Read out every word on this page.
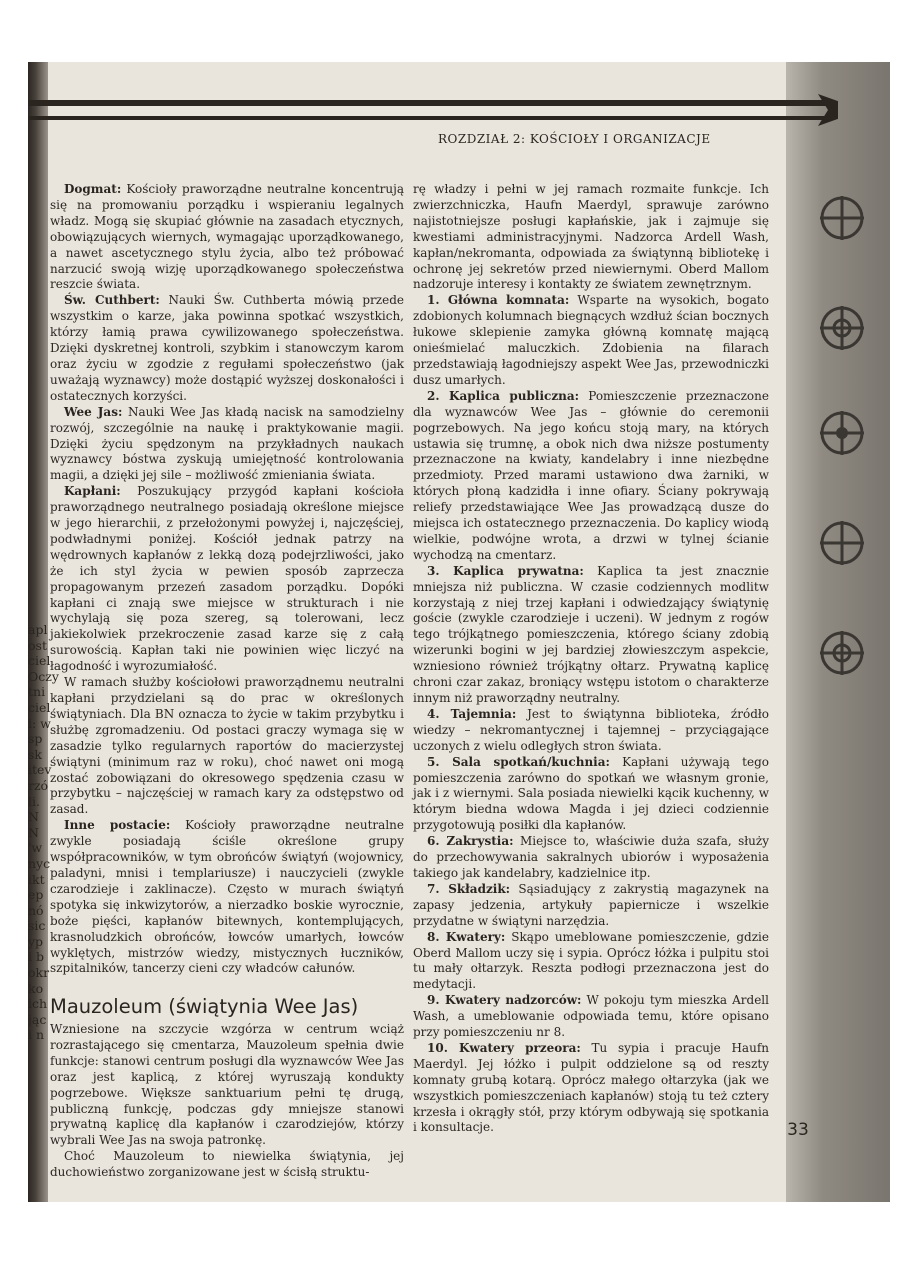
ROZDZIAŁ 2: KOŚCIOŁY I ORGANIZACJE
apl
ost
ciel
Oczy
tni
ciel
i: w
sp
sk
itev
rzó
li.
N
N
'w
nyc
ikt
ep
nó
sic
yp
i b
okr
ko
ich
jąc
i n

Dogmat: Kościoły praworządne neutralne koncentrują się na promowaniu porządku i wspieraniu legalnych władz. Mogą się skupiać głównie na zasadach etycznych, obowiązujących wiernych, wymagając uporządkowanego, a nawet ascetycznego stylu życia, albo też próbować narzucić swoją wizję uporządkowanego społeczeństwa reszcie świata.

Św. Cuthbert: Nauki Św. Cuthberta mówią przede wszystkim o karze, jaka powinna spotkać wszystkich, którzy łamią prawa cywilizowanego społeczeństwa. Dzięki dyskretnej kontroli, szybkim i stanowczym karom oraz życiu w zgodzie z regułami społeczeństwo (jak uważają wyznawcy) może dostąpić wyższej doskonałości i ostatecznych korzyści.

Wee Jas: Nauki Wee Jas kładą nacisk na samodzielny rozwój, szczególnie na naukę i praktykowanie magii. Dzięki życiu spędzonym na przykładnych naukach wyznawcy bóstwa zyskują umiejętność kontrolowania magii, a dzięki jej sile – możliwość zmieniania świata.

Kapłani: Poszukujący przygód kapłani kościoła praworządnego neutralnego posiadają określone miejsce w jego hierarchii, z przełożonymi powyżej i, najczęściej, podwładnymi poniżej. Kościół jednak patrzy na wędrownych kapłanów z lekką dozą podejrzliwości, jako że ich styl życia w pewien sposób zaprzecza propagowanym przezeń zasadom porządku. Dopóki kapłani ci znają swe miejsce w strukturach i nie wychylają się poza szereg, są tolerowani, lecz jakiekolwiek przekroczenie zasad karze się z całą surowością. Kapłan taki nie powinien więc liczyć na łagodność i wyrozumiałość.

W ramach służby kościołowi praworządnemu neutralni kapłani przydzielani są do prac w określonych świątyniach. Dla BN oznacza to życie w takim przybytku i służbę zgromadzeniu. Od postaci graczy wymaga się w zasadzie tylko regularnych raportów do macierzystej świątyni (minimum raz w roku), choć nawet oni mogą zostać zobowiązani do okresowego spędzenia czasu w przybytku – najczęściej w ramach kary za odstępstwo od zasad.

Inne postacie: Kościoły praworządne neutralne zwykle posiadają ściśle określone grupy współpracowników, w tym obrońców świątyń (wojownicy, paladyni, mnisi i templariusze) i nauczycieli (zwykle czarodzieje i zaklinacze). Często w murach świątyń spotyka się inkwizytorów, a nierzadko boskie wyrocznie, boże pięści, kapłanów bitewnych, kontemplujących, krasnoludzkich obrońców, łowców umarłych, łowców wyklętych, mistrzów wiedzy, mistycznych łuczników, szpitalników, tancerzy cieni czy władców całunów.

Mauzoleum (świątynia Wee Jas)

Wzniesione na szczycie wzgórza w centrum wciąż rozrastającego się cmentarza, Mauzoleum spełnia dwie funkcje: stanowi centrum posługi dla wyznawców Wee Jas oraz jest kaplicą, z której wyruszają kondukty pogrzebowe. Większe sanktuarium pełni tę drugą, publiczną funkcję, podczas gdy mniejsze stanowi prywatną kaplicę dla kapłanów i czarodziejów, którzy wybrali Wee Jas na swoja patronkę.

Choć Mauzoleum to niewielka świątynia, jej duchowieństwo zorganizowane jest w ścisłą struktu-

rę władzy i pełni w jej ramach rozmaite funkcje. Ich zwierzchniczka, Haufn Maerdyl, sprawuje zarówno najistotniejsze posługi kapłańskie, jak i zajmuje się kwestiami administracyjnymi. Nadzorca Ardell Wash, kapłan/nekromanta, odpowiada za świątynną bibliotekę i ochronę jej sekretów przed niewiernymi. Oberd Mallom nadzoruje interesy i kontakty ze światem zewnętrznym.

1. Główna komnata: Wsparte na wysokich, bogato zdobionych kolumnach biegnących wzdłuż ścian bocznych łukowe sklepienie zamyka główną komnatę mającą onieśmielać maluczkich. Zdobienia na filarach przedstawiają łagodniejszy aspekt Wee Jas, przewodniczki dusz umarłych.

2. Kaplica publiczna: Pomieszczenie przeznaczone dla wyznawców Wee Jas – głównie do ceremonii pogrzebowych. Na jego końcu stoją mary, na których ustawia się trumnę, a obok nich dwa niższe postumenty przeznaczone na kwiaty, kandelabry i inne niezbędne przedmioty. Przed marami ustawiono dwa żarniki, w których płoną kadzidła i inne ofiary. Ściany pokrywają reliefy przedstawiające Wee Jas prowadzącą dusze do miejsca ich ostatecznego przeznaczenia. Do kaplicy wiodą wielkie, podwójne wrota, a drzwi w tylnej ścianie wychodzą na cmentarz.

3. Kaplica prywatna: Kaplica ta jest znacznie mniejsza niż publiczna. W czasie codziennych modlitw korzystają z niej trzej kapłani i odwiedzający świątynię goście (zwykle czarodzieje i uczeni). W jednym z rogów tego trójkątnego pomieszczenia, którego ściany zdobią wizerunki bogini w jej bardziej złowieszczym aspekcie, wzniesiono również trójkątny ołtarz. Prywatną kaplicę chroni czar zakaz, broniący wstępu istotom o charakterze innym niż praworządny neutralny.

4. Tajemnia: Jest to świątynna biblioteka, źródło wiedzy – nekromantycznej i tajemnej – przyciągające uczonych z wielu odległych stron świata.

5. Sala spotkań/kuchnia: Kapłani używają tego pomieszczenia zarówno do spotkań we własnym gronie, jak i z wiernymi. Sala posiada niewielki kącik kuchenny, w którym biedna wdowa Magda i jej dzieci codziennie przygotowują posiłki dla kapłanów.

6. Zakrystia: Miejsce to, właściwie duża szafa, służy do przechowywania sakralnych ubiorów i wyposażenia takiego jak kandelabry, kadzielnice itp.

7. Składzik: Sąsiadujący z zakrystią magazynek na zapasy jedzenia, artykuły papiernicze i wszelkie przydatne w świątyni narzędzia.

8. Kwatery: Skąpo umeblowane pomieszczenie, gdzie Oberd Mallom uczy się i sypia. Oprócz łóżka i pulpitu stoi tu mały ołtarzyk. Reszta podłogi przeznaczona jest do medytacji.

9. Kwatery nadzorców: W pokoju tym mieszka Ardell Wash, a umeblowanie odpowiada temu, które opisano przy pomieszczeniu nr 8.

10. Kwatery przeora: Tu sypia i pracuje Haufn Maerdyl. Jej łóżko i pulpit oddzielone są od reszty komnaty grubą kotarą. Oprócz małego ołtarzyka (jak we wszystkich pomieszczeniach kapłanów) stoją tu też cztery krzesła i okrągły stół, przy którym odbywają się spotkania i konsultacje.	33
